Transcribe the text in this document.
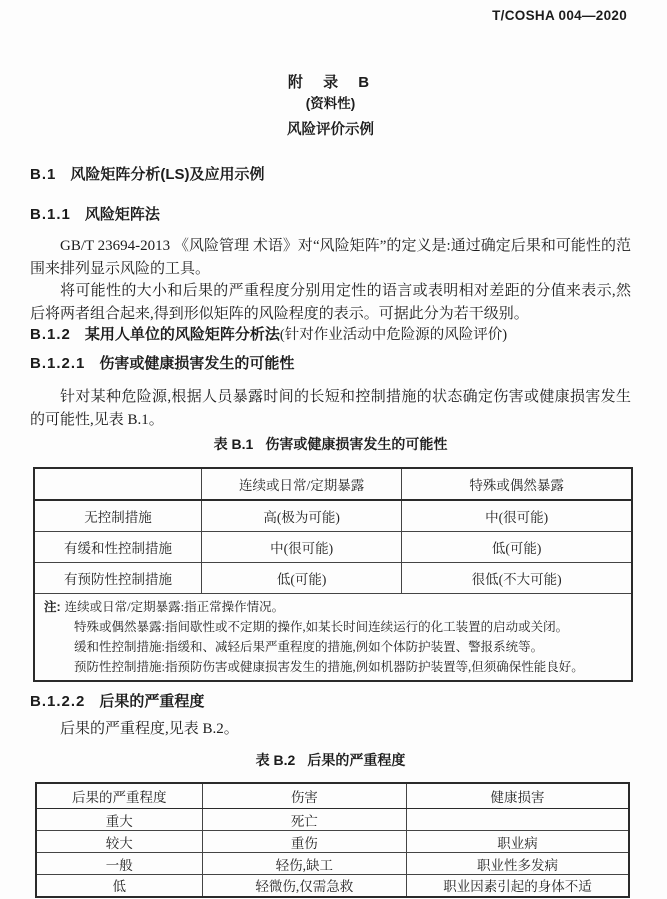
T/COSHA 004—2020
附 录 B
(资料性)
风险评价示例
B.1 风险矩阵分析(LS)及应用示例
B.1.1 风险矩阵法

GB/T 23694-2013 《风险管理 术语》对“风险矩阵”的定义是:通过确定后果和可能性的范围来排列显示风险的工具。

将可能性的大小和后果的严重程度分别用定性的语言或表明相对差距的分值来表示,然后将两者组合起来,得到形似矩阵的风险程度的表示。可据此分为若干级别。

B.1.2 某用人单位的风险矩阵分析法(针对作业活动中危险源的风险评价)
B.1.2.1 伤害或健康损害发生的可能性

针对某种危险源,根据人员暴露时间的长短和控制措施的状态确定伤害或健康损害发生的可能性,见表 B.1。

表 B.1 伤害或健康损害发生的可能性
	连续或日常/定期暴露	特殊或偶然暴露
无控制措施	高(极为可能)	中(很可能)
有缓和性控制措施	中(很可能)	低(可能)
有预防性控制措施	低(可能)	很低(不大可能)

注: 连续或日常/定期暴露:指正常操作情况。
特殊或偶然暴露:指间歇性或不定期的操作,如某长时间连续运行的化工装置的启动或关闭。
缓和性控制措施:指缓和、减轻后果严重程度的措施,例如个体防护装置、警报系统等。
预防性控制措施:指预防伤害或健康损害发生的措施,例如机器防护装置等,但须确保性能良好。		
B.1.2.2 后果的严重程度

后果的严重程度,见表 B.2。

表 B.2 后果的严重程度
后果的严重程度	伤害	健康损害
重大	死亡	
较大	重伤	职业病
一般	轻伤,缺工	职业性多发病
低	轻微伤,仅需急救	职业因素引起的身体不适
